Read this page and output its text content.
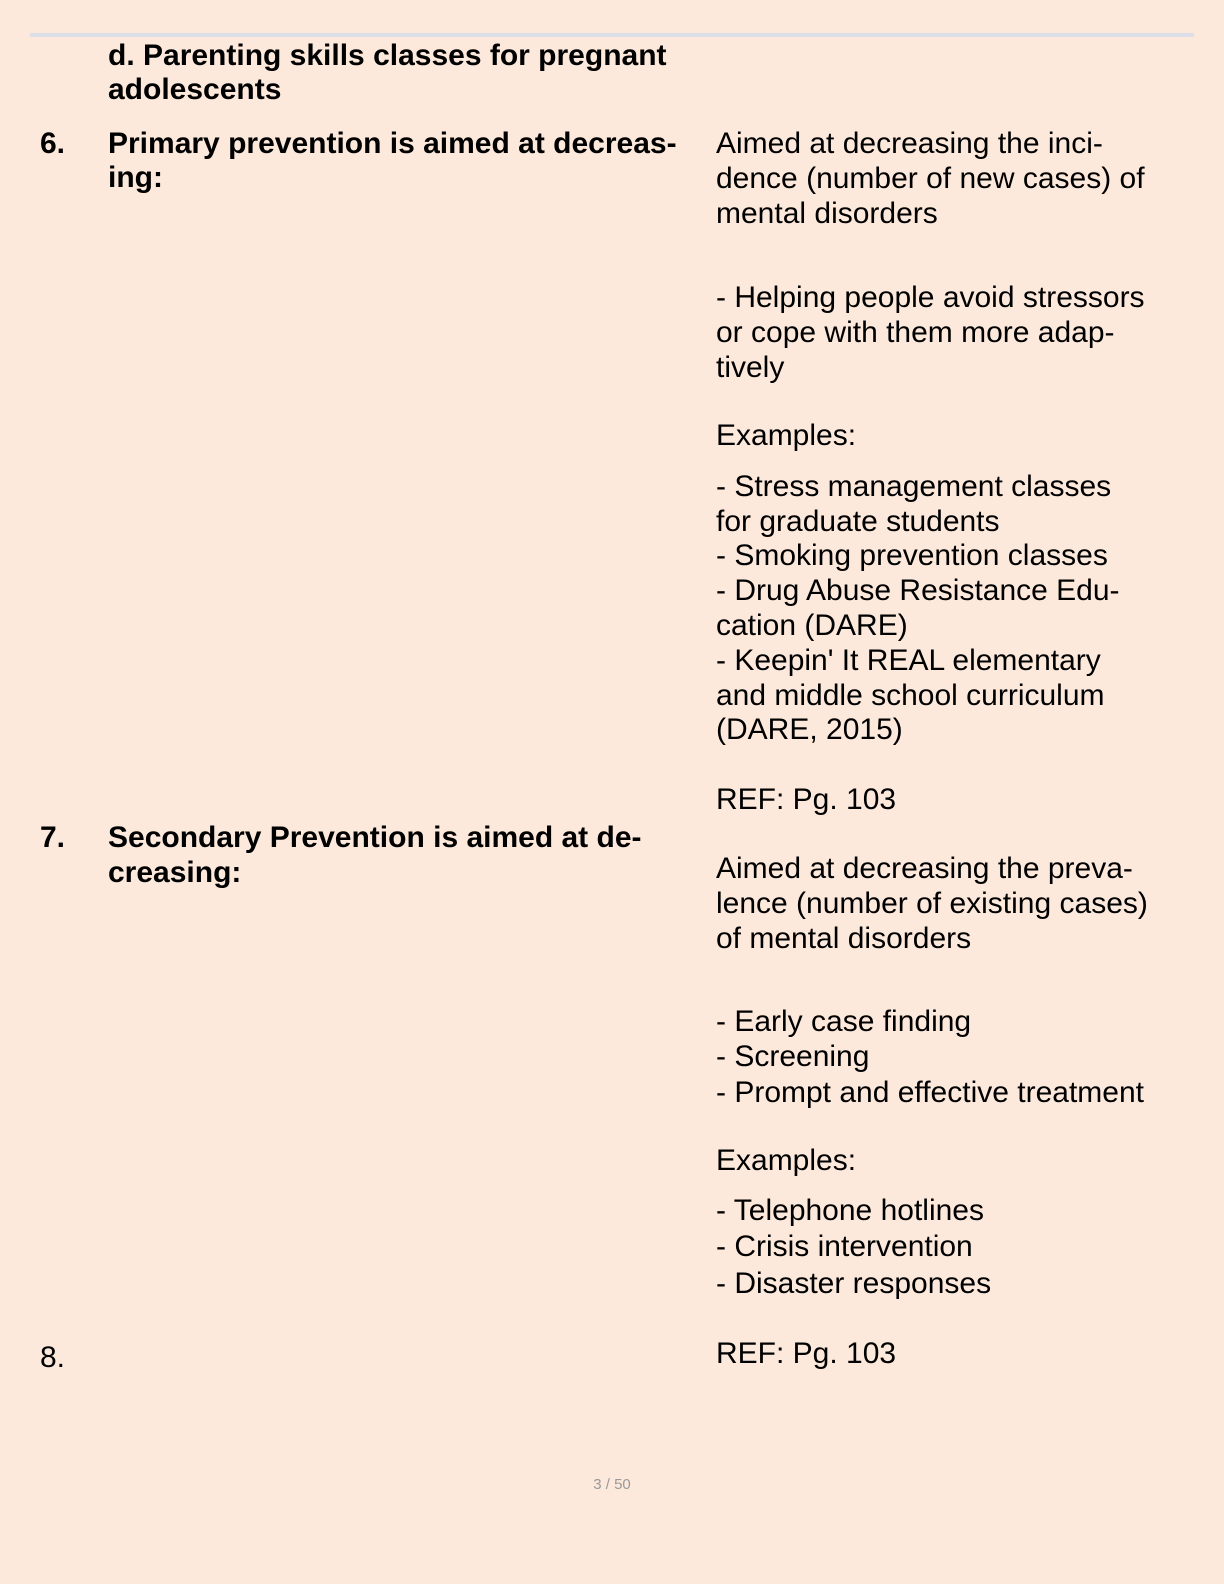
d. Parenting skills classes for pregnant

adolescents

6. Primary prevention is aimed at decreas-

ing:

Aimed at decreasing the inci-

dence (number of new cases) of

mental disorders

- Helping people avoid stressors

or cope with them more adap-

tively

Examples:

- Stress management classes

for graduate students

- Smoking prevention classes

- Drug Abuse Resistance Edu-

cation (DARE)

- Keepin' It REAL elementary

and middle school curriculum

(DARE, 2015)

REF: Pg. 103

7. Secondary Prevention is aimed at de-

creasing:	Aimed at decreasing the preva-

lence (number of existing cases)

of mental disorders

- Early case finding

- Screening

- Prompt and effective treatment

Examples:

- Telephone hotlines

- Crisis intervention

- Disaster responses

REF: Pg. 103

8.

3 / 50
